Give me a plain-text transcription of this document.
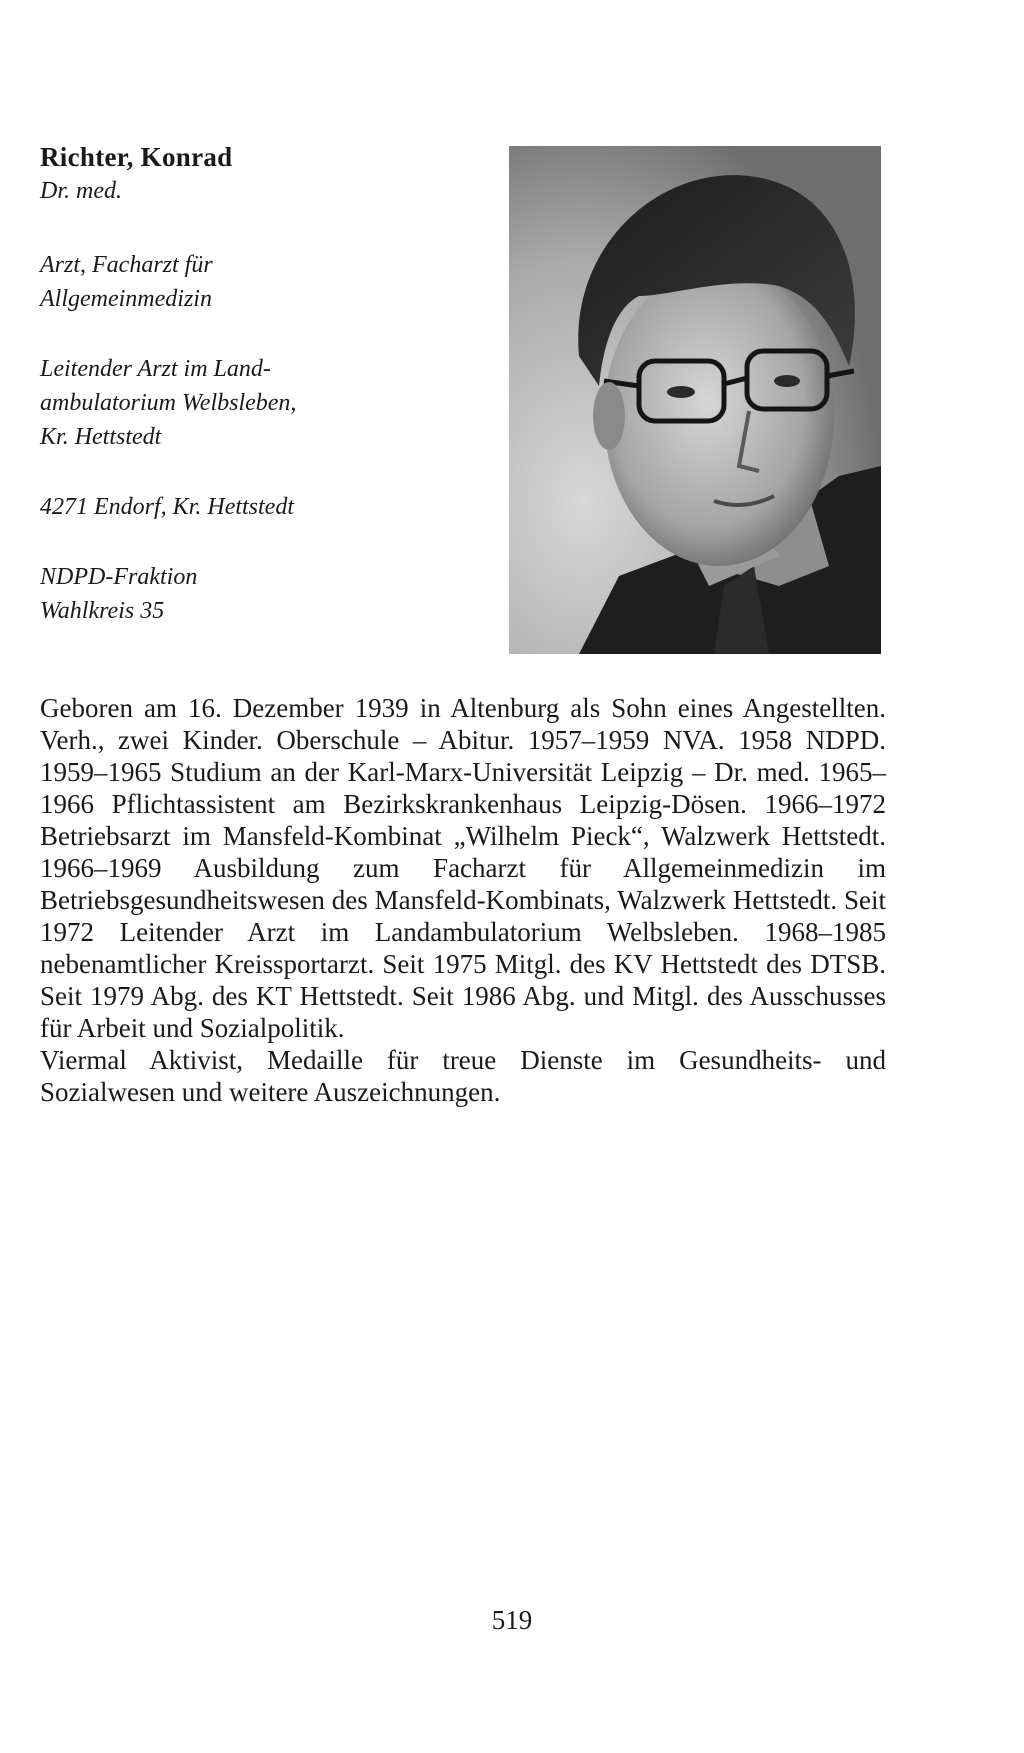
Richter, Konrad

Dr. med.

Arzt, Facharzt für
Allgemeinmedizin
Leitender Arzt im Land-
ambulatorium Welbsleben,
Kr. Hettstedt
4271 Endorf, Kr. Hettstedt
NDPD-Fraktion
Wahlkreis 35

Geboren am 16. Dezember 1939 in Altenburg als Sohn eines Angestellten. Verh., zwei Kinder. Oberschule – Abitur. 1957–1959 NVA. 1958 NDPD. 1959–1965 Studium an der Karl-Marx-Universität Leipzig – Dr. med. 1965–1966 Pflichtassistent am Bezirkskrankenhaus Leipzig-Dösen. 1966–1972 Betriebsarzt im Mansfeld-Kombinat „Wilhelm Pieck“, Walzwerk Hettstedt. 1966–1969 Ausbildung zum Facharzt für Allgemeinmedizin im Betriebsgesundheitswesen des Mansfeld-Kombinats, Walzwerk Hettstedt. Seit 1972 Leitender Arzt im Landambulatorium Welbsleben. 1968–1985 nebenamtlicher Kreissportarzt. Seit 1975 Mitgl. des KV Hettstedt des DTSB. Seit 1979 Abg. des KT Hettstedt. Seit 1986 Abg. und Mitgl. des Ausschusses für Arbeit und Sozialpolitik.

Viermal Aktivist, Medaille für treue Dienste im Gesundheits- und Sozialwesen und weitere Auszeichnungen.

519
